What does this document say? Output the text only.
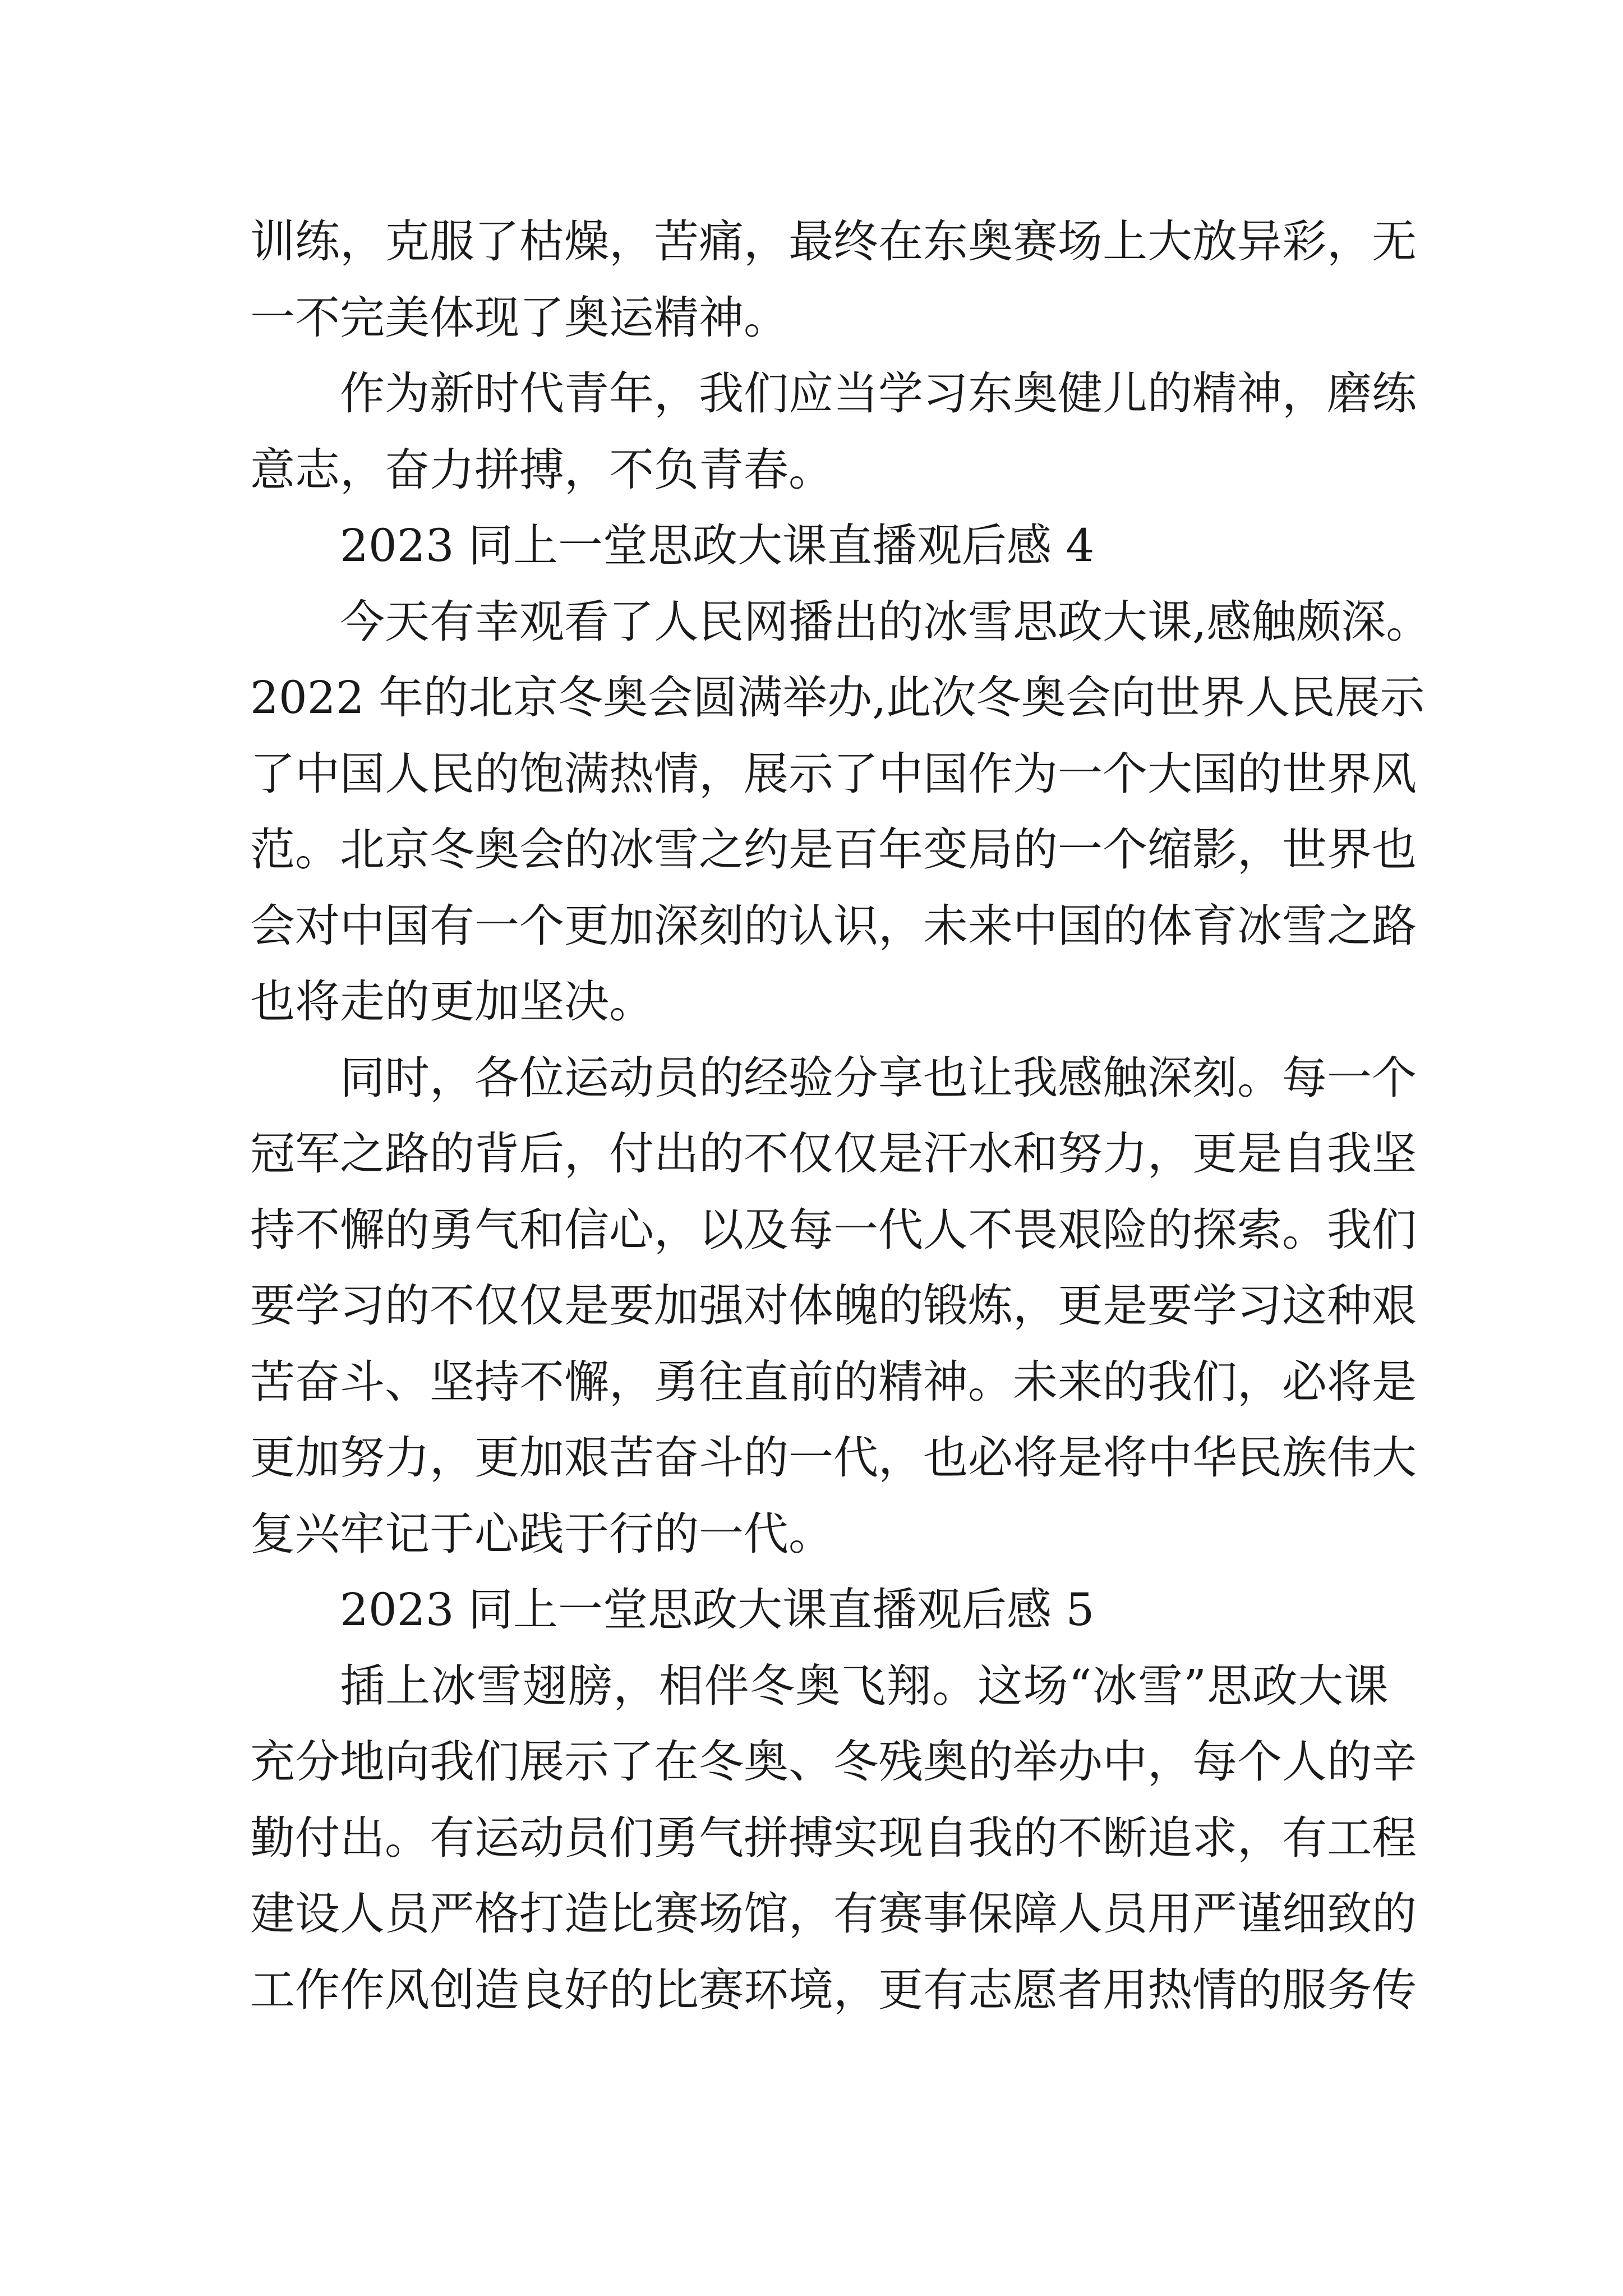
训练，克服了枯燥，苦痛，最终在东奥赛场上大放异彩，无
一不完美体现了奥运精神。
作为新时代青年，我们应当学习东奥健儿的精神，磨练
意志，奋力拼搏，不负青春。
2023 同上一堂思政大课直播观后感 4
今天有幸观看了人民网播出的冰雪思政大课,感触颇深。
2022 年的北京冬奥会圆满举办,此次冬奥会向世界人民展示
了中国人民的饱满热情，展示了中国作为一个大国的世界风
范。北京冬奥会的冰雪之约是百年变局的一个缩影，世界也
会对中国有一个更加深刻的认识，未来中国的体育冰雪之路
也将走的更加坚决。
同时，各位运动员的经验分享也让我感触深刻。每一个
冠军之路的背后，付出的不仅仅是汗水和努力，更是自我坚
持不懈的勇气和信心，以及每一代人不畏艰险的探索。我们
要学习的不仅仅是要加强对体魄的锻炼，更是要学习这种艰
苦奋斗、坚持不懈，勇往直前的精神。未来的我们，必将是
更加努力，更加艰苦奋斗的一代，也必将是将中华民族伟大
复兴牢记于心践于行的一代。
2023 同上一堂思政大课直播观后感 5
插上冰雪翅膀，相伴冬奥飞翔。这场“冰雪”思政大课
充分地向我们展示了在冬奥、冬残奥的举办中，每个人的辛
勤付出。有运动员们勇气拼搏实现自我的不断追求，有工程
建设人员严格打造比赛场馆，有赛事保障人员用严谨细致的
工作作风创造良好的比赛环境，更有志愿者用热情的服务传
